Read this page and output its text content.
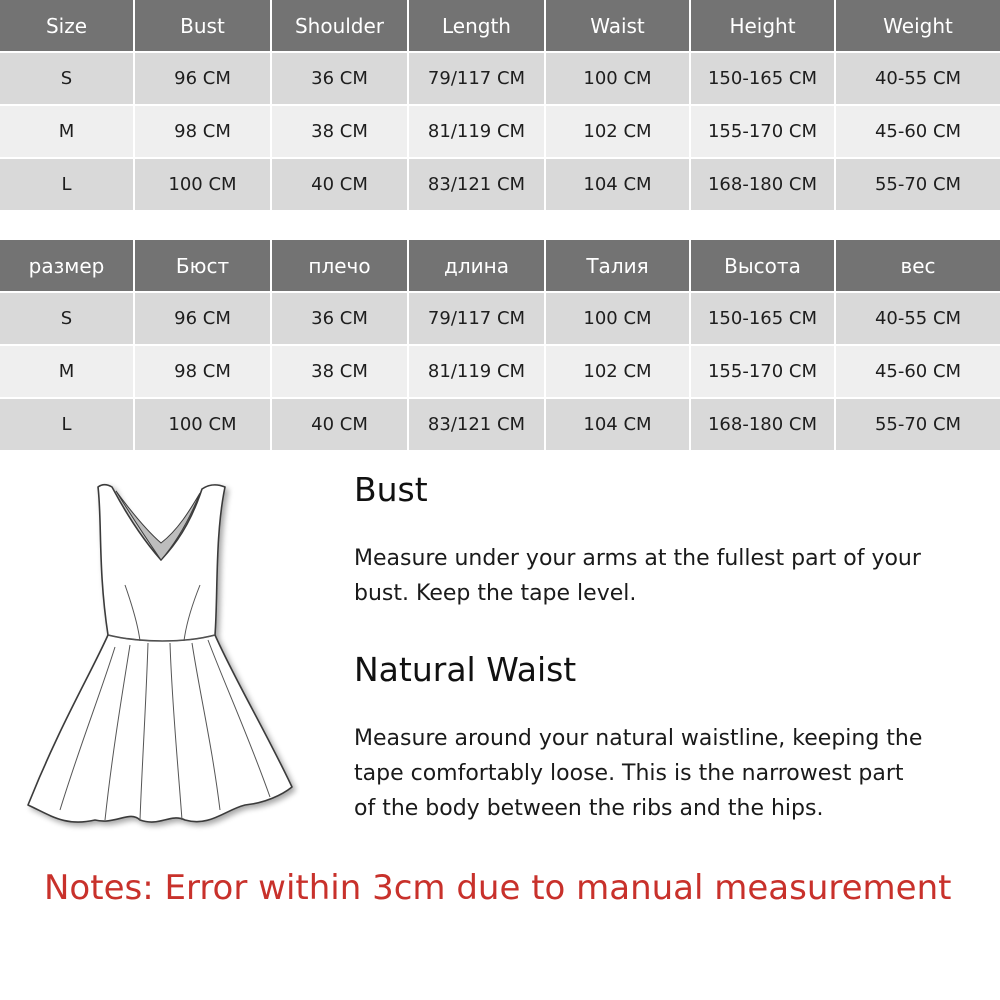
Size	Bust	Shoulder	Length	Waist	Height	Weight
S	96 CM	36 CM	79/117 CM	100 CM	150-165 CM	40-55 CM
M	98 CM	38 CM	81/119 CM	102 CM	155-170 CM	45-60 CM
L	100 CM	40 CM	83/121 CM	104 CM	168-180 CM	55-70 CM
размер	Бюст	плечо	длина	Талия	Высота	вес
S	96 CM	36 CM	79/117 CM	100 CM	150-165 CM	40-55 CM
M	98 CM	38 CM	81/119 CM	102 CM	155-170 CM	45-60 CM
L	100 CM	40 CM	83/121 CM	104 CM	168-180 CM	55-70 CM
Bust
Measure under your arms at the fullest part of your
bust. Keep the tape level.
Natural Waist
Measure around your natural waistline, keeping the
tape comfortably loose. This is the narrowest part
of the body between the ribs and the hips.
Notes: Error within 3cm due to manual measurement
